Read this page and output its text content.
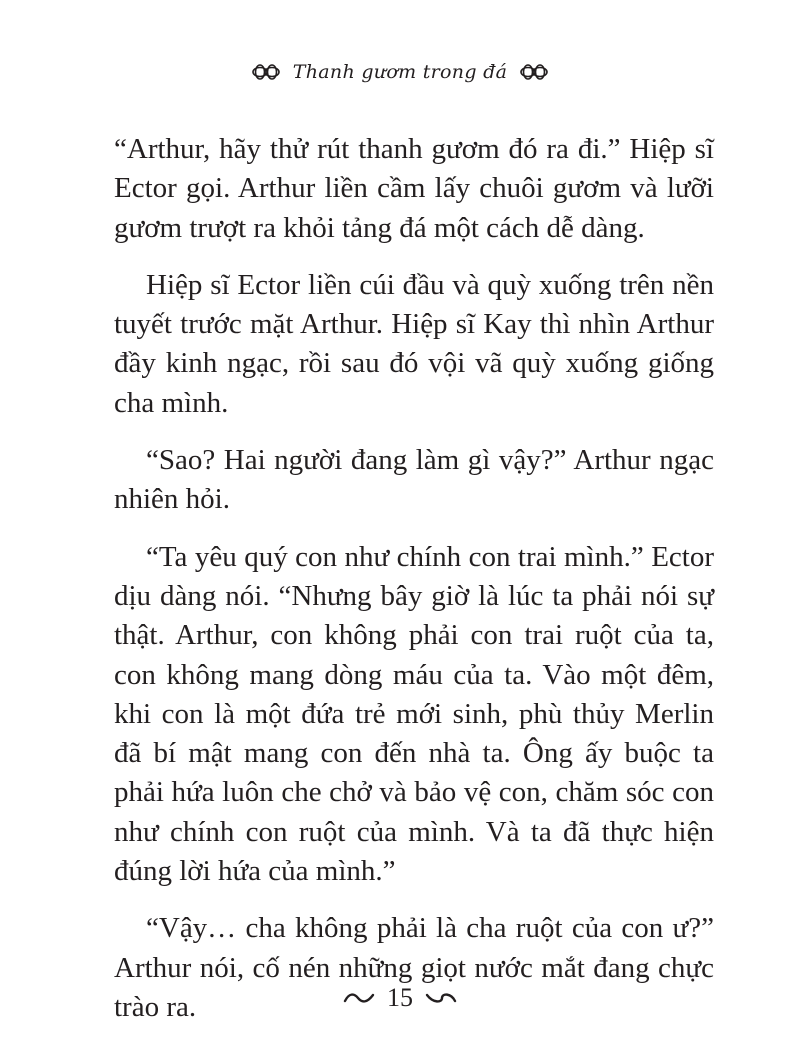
Thanh gươm trong đá

“Arthur, hãy thử rút thanh gươm đó ra đi.” Hiệp sĩ Ector gọi. Arthur liền cầm lấy chuôi gươm và lưỡi gươm trượt ra khỏi tảng đá một cách dễ dàng.

Hiệp sĩ Ector liền cúi đầu và quỳ xuống trên nền tuyết trước mặt Arthur. Hiệp sĩ Kay thì nhìn Arthur đầy kinh ngạc, rồi sau đó vội vã quỳ xuống giống cha mình.

“Sao? Hai người đang làm gì vậy?” Arthur ngạc nhiên hỏi.

“Ta yêu quý con như chính con trai mình.” Ector dịu dàng nói. “Nhưng bây giờ là lúc ta phải nói sự thật. Arthur, con không phải con trai ruột của ta, con không mang dòng máu của ta. Vào một đêm, khi con là một đứa trẻ mới sinh, phù thủy Merlin đã bí mật mang con đến nhà ta. Ông ấy buộc ta phải hứa luôn che chở và bảo vệ con, chăm sóc con như chính con ruột của mình. Và ta đã thực hiện đúng lời hứa của mình.”

“Vậy… cha không phải là cha ruột của con ư?” Arthur nói, cố nén những giọt nước mắt đang chực trào ra.	15
